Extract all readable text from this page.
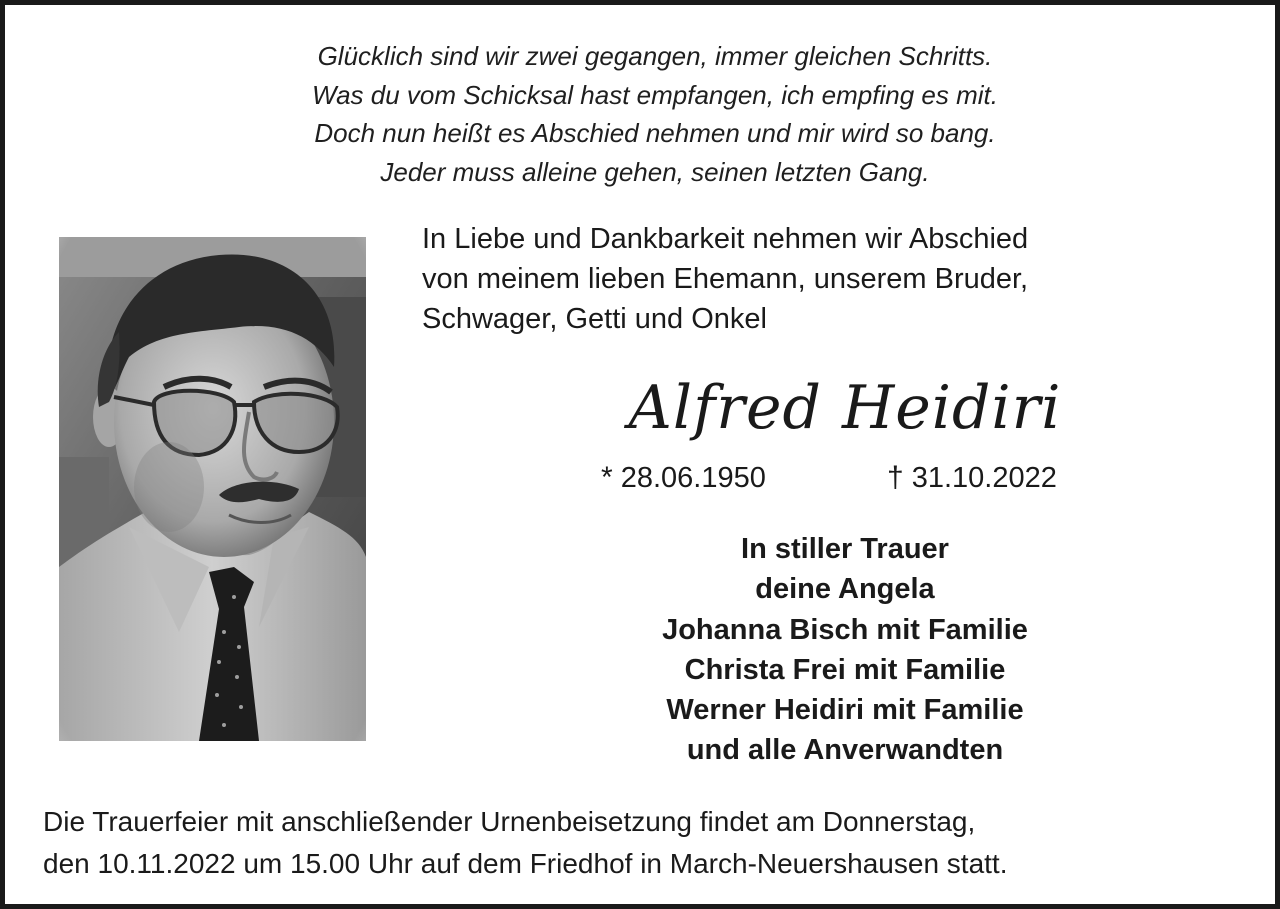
Glücklich sind wir zwei gegangen, immer gleichen Schritts.
Was du vom Schicksal hast empfangen, ich empfing es mit.
Doch nun heißt es Abschied nehmen und mir wird so bang.
Jeder muss alleine gehen, seinen letzten Gang.
In Liebe und Dankbarkeit nehmen wir Abschied
von meinem lieben Ehemann, unserem Bruder,
Schwager, Getti und Onkel
Alfred Heidiri
* 28.06.1950	† 31.10.2022
In stiller Trauer
deine Angela
Johanna Bisch mit Familie
Christa Frei mit Familie
Werner Heidiri mit Familie
und alle Anverwandten
Die Trauerfeier mit anschließender Urnenbeisetzung findet am Donnerstag,
den 10.11.2022 um 15.00 Uhr auf dem Friedhof in March-Neuershausen statt.
